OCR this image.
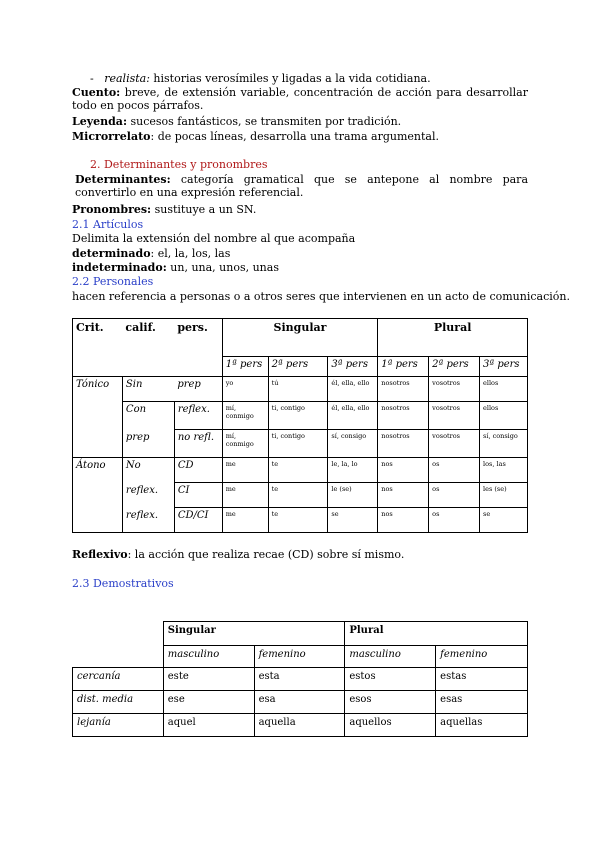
-   realista: historias verosímiles y ligadas a la vida cotidiana.
Cuento: breve, de extensión variable, concentración de acción para desarrollar todo en pocos párrafos.
Leyenda: sucesos fantásticos, se transmiten por tradición.
Microrrelato: de pocas líneas, desarrolla una trama argumental.
2. Determinantes y pronombres
Determinantes: categoría gramatical que se antepone al nombre para convertirlo en una expresión referencial.
Pronombres: sustituye a un SN.
2.1 Artículos
Delimita la extensión del nombre al que acompaña
determinado: el, la, los, las
indeterminado: un, una, unos, unas
2.2 Personales
hacen referencia a personas o a otros seres que intervienen en un acto de comunicación.
Crit.	calif.	pers.	Singular			Plural		
			1ª pers	2ª pers	3ª pers	1ª pers	2ª pers	3ª pers
Tónico	Sin	prep	yo	tú	él, ella, ello	nosotros	vosotros	ellos
	Con	reflex.	mí, conmigo	ti, contigo	él, ella, ello	nosotros	vosotros	ellos
	prep	no refl.	mí, conmigo	ti, contigo	sí, consigo	nosotros	vosotros	sí, consigo
Átono	No	CD	me	te	le, la, lo	nos	os	los, las
	reflex.	CI	me	te	le (se)	nos	os	les (se)
	reflex.	CD/CI	me	te	se	nos	os	se
Reflexivo: la acción que realiza recae (CD) sobre sí mismo.
2.3 Demostrativos
	Singular		Plural	
	masculino	femenino	masculino	femenino
cercanía	este	esta	estos	estas
dist. media	ese	esa	esos	esas
lejanía	aquel	aquella	aquellos	aquellas
